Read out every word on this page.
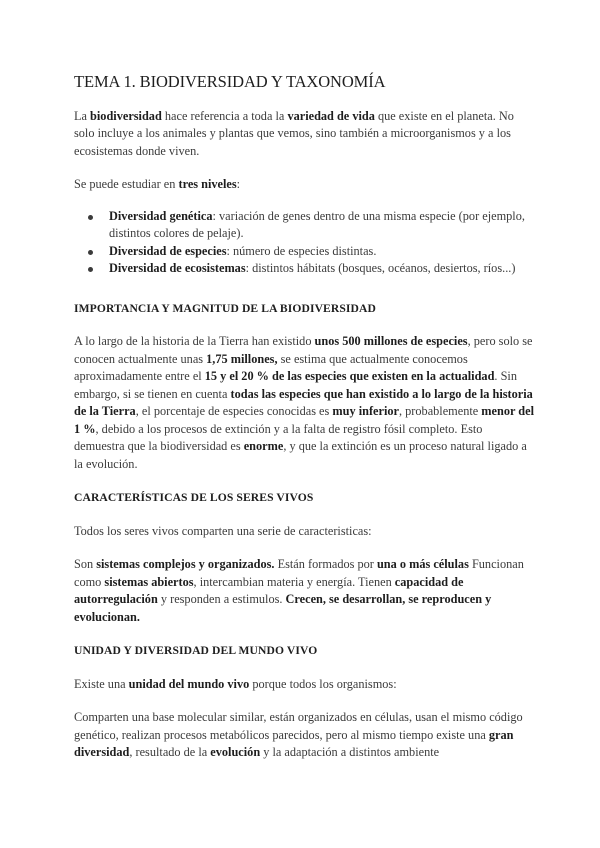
TEMA 1. BIODIVERSIDAD Y TAXONOMÍA

La biodiversidad hace referencia a toda la variedad de vida que existe en el planeta. No solo incluye a los animales y plantas que vemos, sino también a microorganismos y a los ecosistemas donde viven.

Se puede estudiar en tres niveles:

Diversidad genética: variación de genes dentro de una misma especie (por ejemplo, distintos colores de pelaje).
Diversidad de especies: número de especies distintas.
Diversidad de ecosistemas: distintos hábitats (bosques, océanos, desiertos, ríos...)
IMPORTANCIA Y MAGNITUD DE LA BIODIVERSIDAD

A lo largo de la historia de la Tierra han existido unos 500 millones de especies, pero solo se conocen actualmente unas 1,75 millones, se estima que actualmente conocemos aproximadamente entre el 15 y el 20 % de las especies que existen en la actualidad. Sin embargo, si se tienen en cuenta todas las especies que han existido a lo largo de la historia de la Tierra, el porcentaje de especies conocidas es muy inferior, probablemente menor del 1 %, debido a los procesos de extinción y a la falta de registro fósil completo. Esto demuestra que la biodiversidad es enorme, y que la extinción es un proceso natural ligado a la evolución.

CARACTERÍSTICAS DE LOS SERES VIVOS

Todos los seres vivos comparten una serie de caracteristicas:

Son sistemas complejos y organizados. Están formados por una o más células Funcionan como sistemas abiertos, intercambian materia y energía. Tienen capacidad de autorregulación y responden a estimulos. Crecen, se desarrollan, se reproducen y evolucionan.

UNIDAD Y DIVERSIDAD DEL MUNDO VIVO

Existe una unidad del mundo vivo porque todos los organismos:

Comparten una base molecular similar, están organizados en células, usan el mismo código genético, realizan procesos metabólicos parecidos, pero al mismo tiempo existe una gran diversidad, resultado de la evolución y la adaptación a distintos ambiente
